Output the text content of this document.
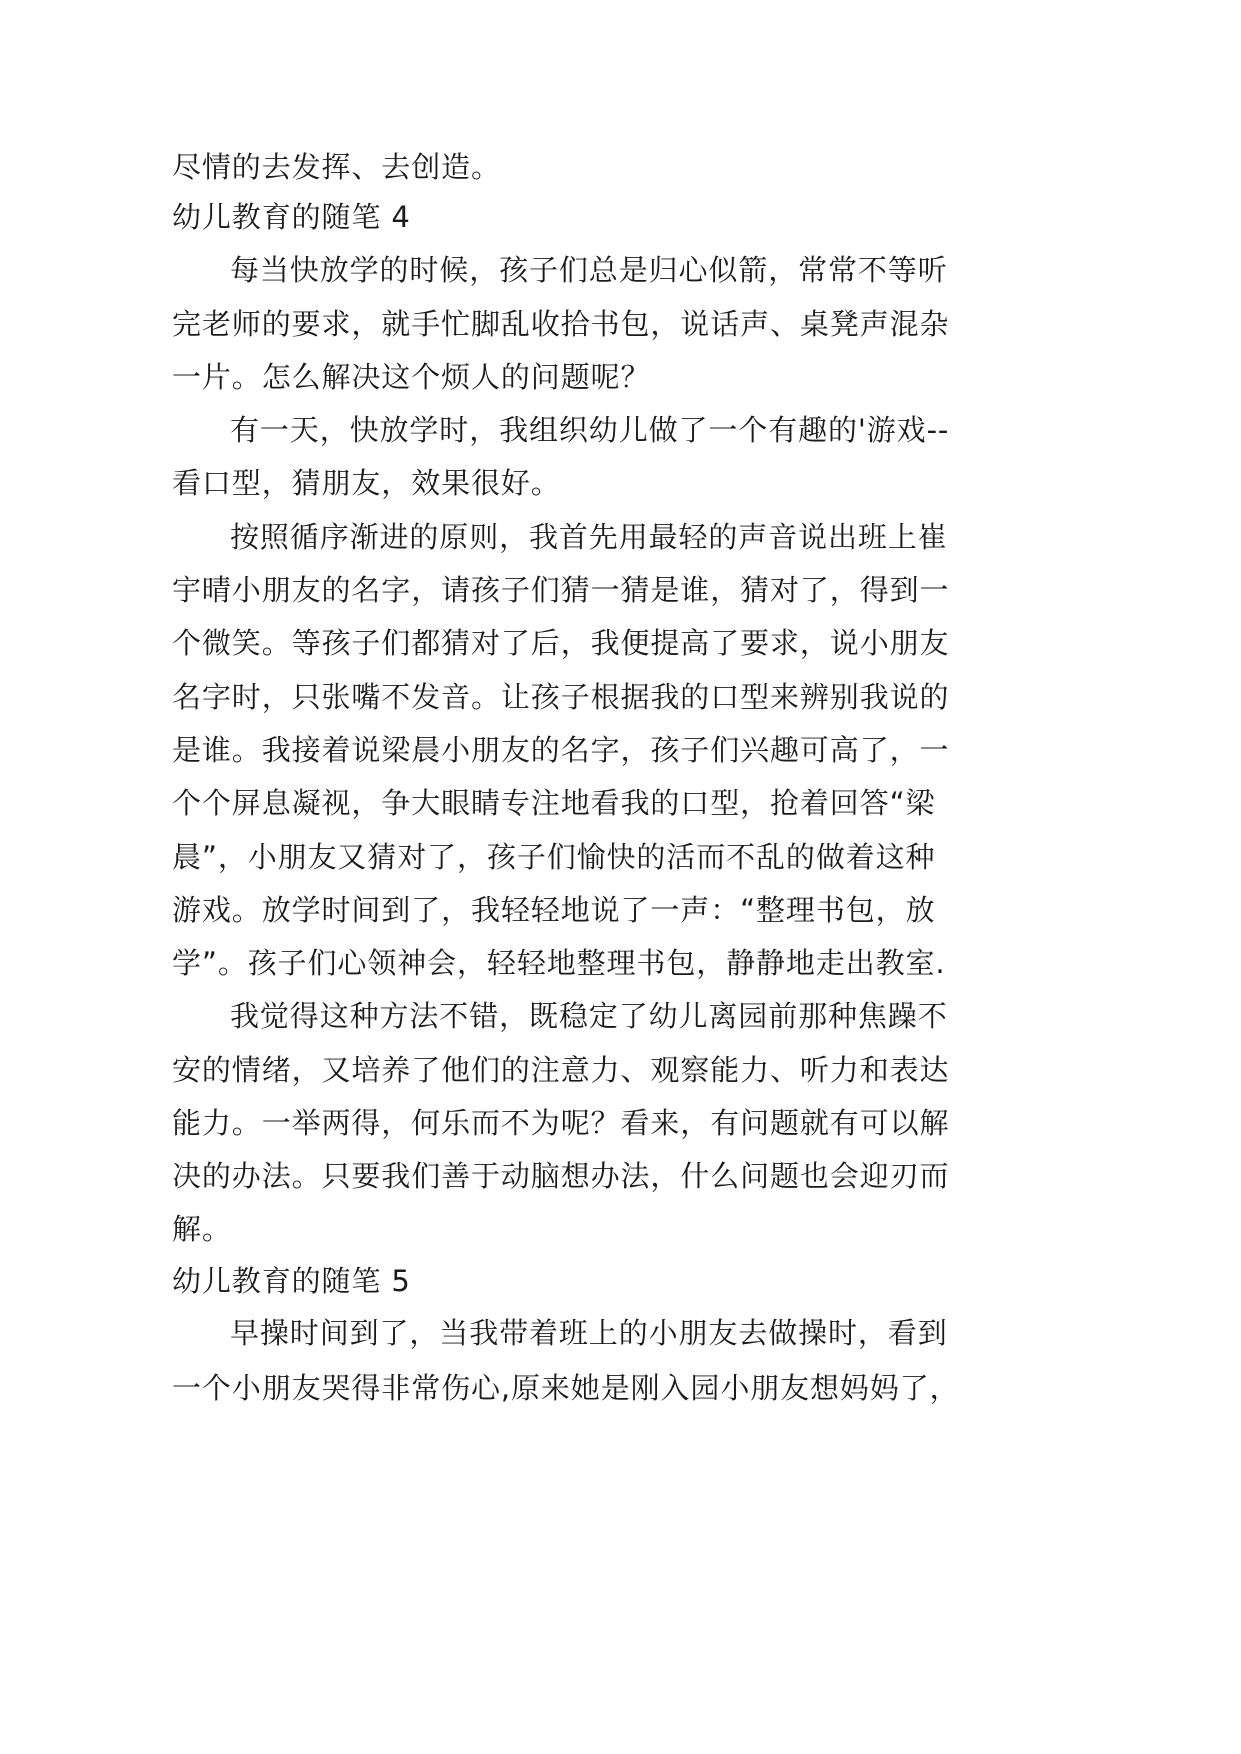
尽情的去发挥、去创造。
幼儿教育的随笔 4
每当快放学的时候，孩子们总是归心似箭，常常不等听
完老师的要求，就手忙脚乱收拾书包，说话声、桌凳声混杂
一片。怎么解决这个烦人的问题呢？
有一天，快放学时，我组织幼儿做了一个有趣的'游戏--
看口型，猜朋友，效果很好。
按照循序渐进的原则，我首先用最轻的声音说出班上崔
宇晴小朋友的名字，请孩子们猜一猜是谁，猜对了，得到一
个微笑。等孩子们都猜对了后，我便提高了要求，说小朋友
名字时，只张嘴不发音。让孩子根据我的口型来辨别我说的
是谁。我接着说梁晨小朋友的名字，孩子们兴趣可高了，一
个个屏息凝视，争大眼睛专注地看我的口型，抢着回答“梁
晨”，小朋友又猜对了，孩子们愉快的活而不乱的做着这种
游戏。放学时间到了，我轻轻地说了一声：“整理书包，放
学”。孩子们心领神会，轻轻地整理书包，静静地走出教室.
我觉得这种方法不错，既稳定了幼儿离园前那种焦躁不
安的情绪，又培养了他们的注意力、观察能力、听力和表达
能力。一举两得，何乐而不为呢？看来，有问题就有可以解
决的办法。只要我们善于动脑想办法，什么问题也会迎刃而
解。
幼儿教育的随笔 5
早操时间到了，当我带着班上的小朋友去做操时，看到
一个小朋友哭得非常伤心,原来她是刚入园小朋友想妈妈了，
